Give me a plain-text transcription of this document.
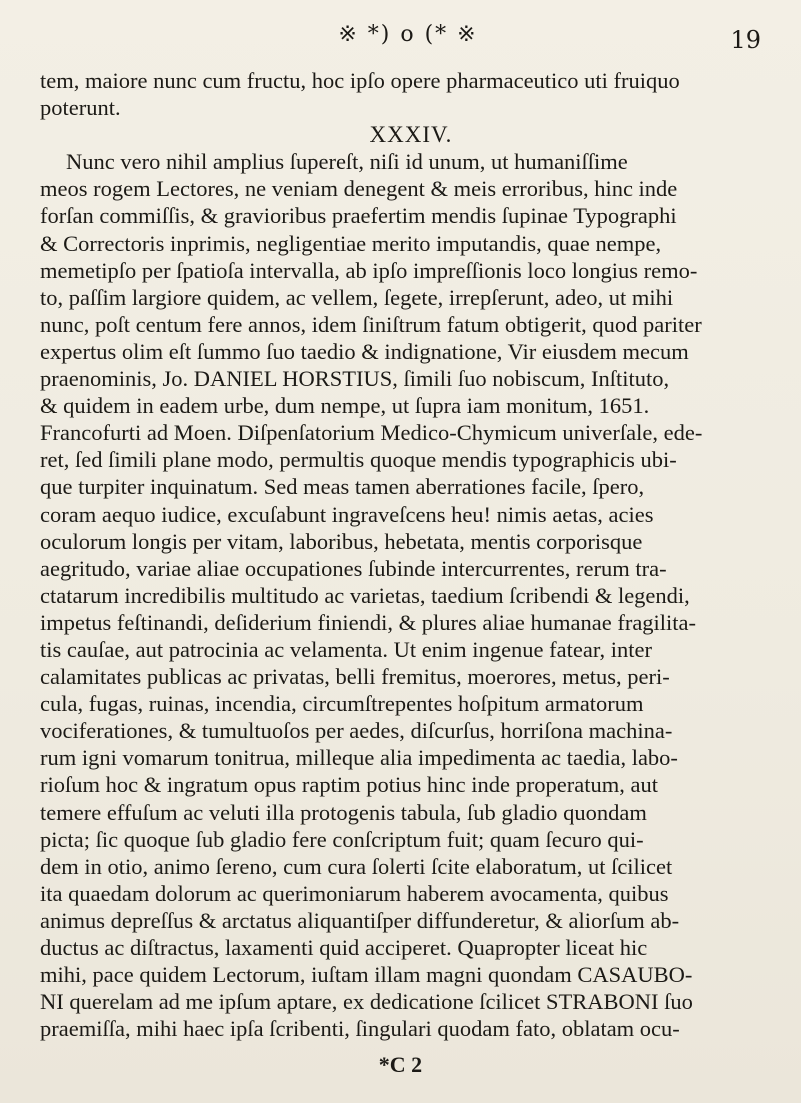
※ *) o (* ※	19
tem, maiore nunc cum fructu, hoc ipſo opere pharmaceutico uti fruiquo
poterunt.
XXXIV.
Nunc vero nihil amplius ſupereſt, niſi id unum, ut humaniſſime
meos rogem Lectores, ne veniam denegent & meis erroribus, hinc inde
forſan commiſſis, & gravioribus praefertim mendis ſupinae Typographi
& Correctoris inprimis, negligentiae merito imputandis, quae nempe,
memetipſo per ſpatioſa intervalla, ab ipſo impreſſionis loco longius remo-
to, paſſim largiore quidem, ac vellem, ſegete, irrepſerunt, adeo, ut mihi
nunc, poſt centum fere annos, idem ſiniſtrum fatum obtigerit, quod pariter
expertus olim eſt ſummo ſuo taedio & indignatione, Vir eiusdem mecum
praenominis, Jo. DANIEL HORSTIUS, ſimili ſuo nobiscum, Inſtituto,
& quidem in eadem urbe, dum nempe, ut ſupra iam monitum, 1651.
Francofurti ad Moen. Diſpenſatorium Medico-Chymicum univerſale, ede-
ret, ſed ſimili plane modo, permultis quoque mendis typographicis ubi-
que turpiter inquinatum. Sed meas tamen aberrationes facile, ſpero,
coram aequo iudice, excuſabunt ingraveſcens heu! nimis aetas, acies
oculorum longis per vitam, laboribus, hebetata, mentis corporisque
aegritudo, variae aliae occupationes ſubinde intercurrentes, rerum tra-
ctatarum incredibilis multitudo ac varietas, taedium ſcribendi & legendi,
impetus feſtinandi, deſiderium finiendi, & plures aliae humanae fragilita-
tis cauſae, aut patrocinia ac velamenta. Ut enim ingenue fatear, inter
calamitates publicas ac privatas, belli fremitus, moerores, metus, peri-
cula, fugas, ruinas, incendia, circumſtrepentes hoſpitum armatorum
vociferationes, & tumultuoſos per aedes, diſcurſus, horriſona machina-
rum igni vomarum tonitrua, milleque alia impedimenta ac taedia, labo-
rioſum hoc & ingratum opus raptim potius hinc inde properatum, aut
temere effuſum ac veluti illa protogenis tabula, ſub gladio quondam
picta; ſic quoque ſub gladio fere conſcriptum fuit; quam ſecuro qui-
dem in otio, animo ſereno, cum cura ſolerti ſcite elaboratum, ut ſcilicet
ita quaedam dolorum ac querimoniarum haberem avocamenta, quibus
animus depreſſus & arctatus aliquantiſper diffunderetur, & aliorſum ab-
ductus ac diſtractus, laxamenti quid acciperet. Quapropter liceat hic
mihi, pace quidem Lectorum, iuſtam illam magni quondam CASAUBO-
NI querelam ad me ipſum aptare, ex dedicatione ſcilicet STRABONI ſuo
praemiſſa, mihi haec ipſa ſcribenti, ſingulari quodam fato, oblatam ocu-
*C 2
